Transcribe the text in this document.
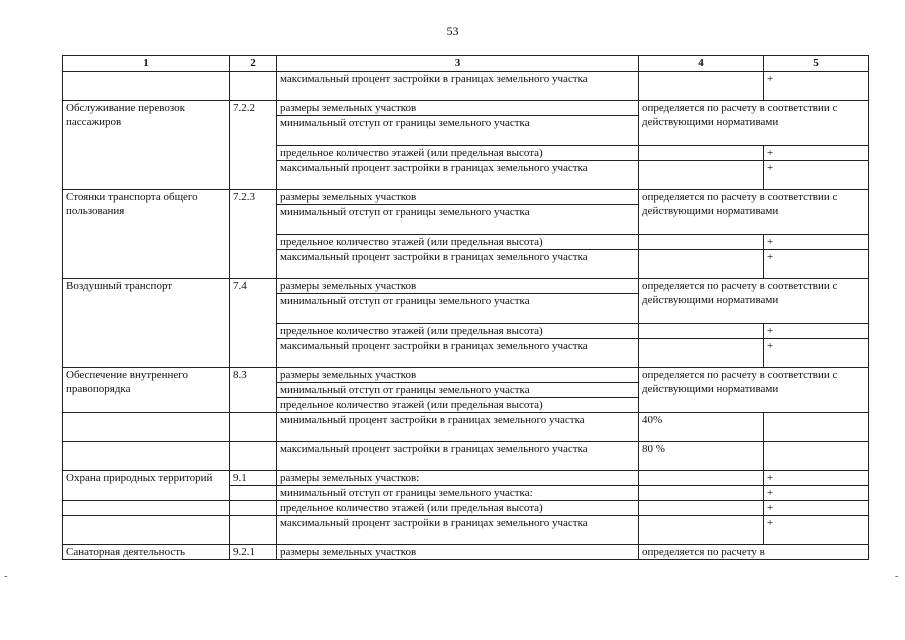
53
1	2	3	4	5
		максимальный процент застройки в границах земельного участка		+
Обслуживание перевозок пассажиров	7.2.2	размеры земельных участков	определяется по расчету в соответствии с действующими нормативами	
		минимальный отступ от границы земельного участка		

		предельное количество этажей (или предельная высота)		+
		максимальный процент застройки в границах земельного участка		+
Стоянки транспорта общего пользования	7.2.3	размеры земельных участков	определяется по расчету в соответствии с действующими нормативами	
		минимальный отступ от границы земельного участка		

		предельное количество этажей (или предельная высота)		+
		максимальный процент застройки в границах земельного участка		+
Воздушный транспорт	7.4	размеры земельных участков	определяется по расчету в соответствии с действующими нормативами	
		минимальный отступ от границы земельного участка		

		предельное количество этажей (или предельная высота)		+
		максимальный процент застройки в границах земельного участка		+
Обеспечение внутреннего правопорядка	8.3	размеры земельных участков	определяется по расчету в соответствии с действующими нормативами	
		минимальный отступ от границы земельного участка		
		предельное количество этажей (или предельная высота)		
		минимальный процент застройки в границах земельного участка	40%	
		максимальный процент застройки в границах земельного участка	80 %	
Охрана природных территорий	9.1	размеры земельных участков:		+
		минимальный отступ от границы земельного участка:		+
		предельное количество этажей (или предельная высота)		+
		максимальный процент застройки в границах земельного участка		+
Санаторная деятельность	9.2.1	размеры земельных участков	определяется по расчету в	
-	-
